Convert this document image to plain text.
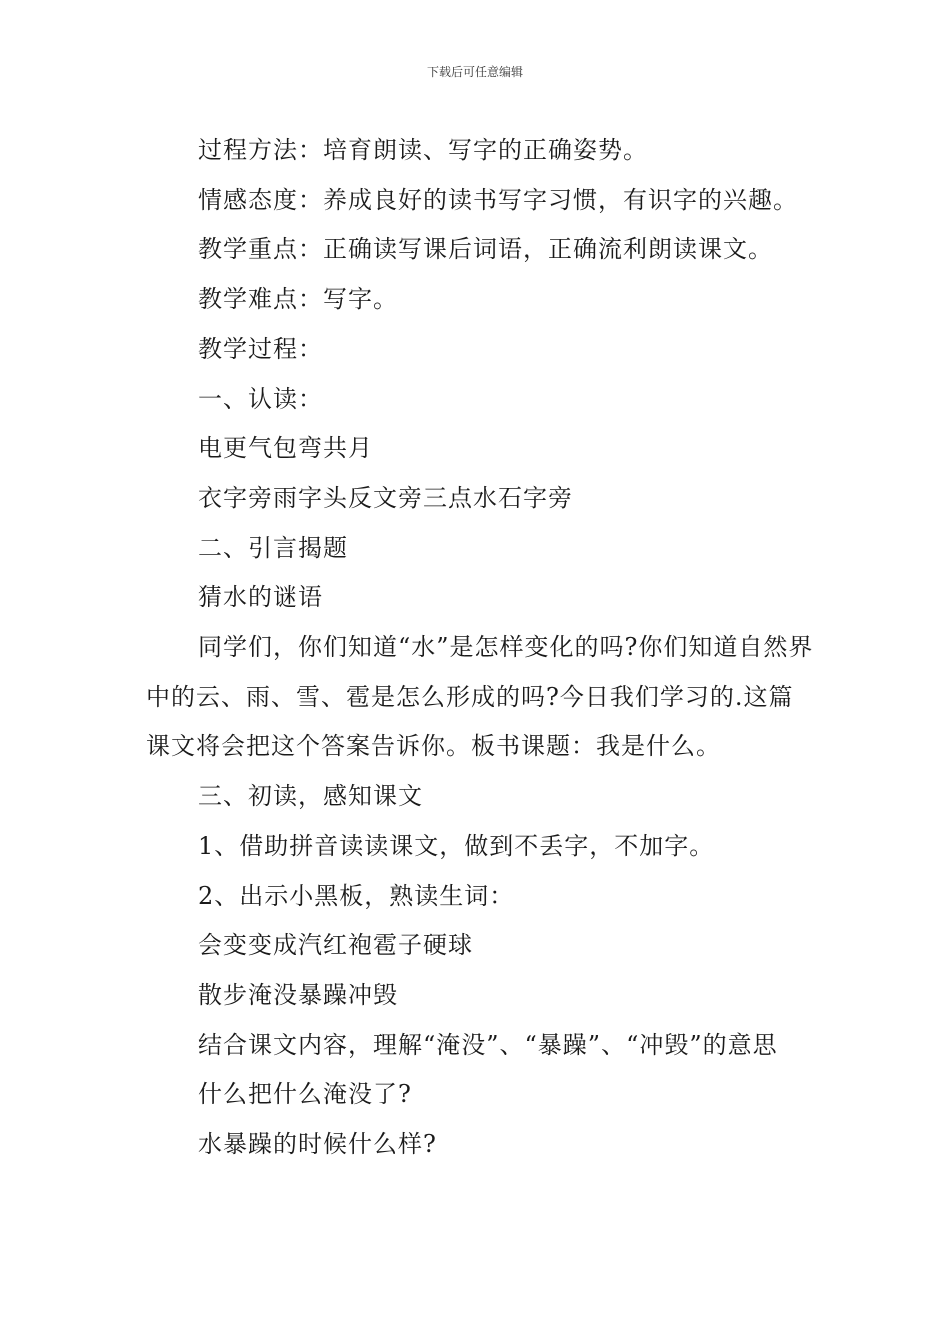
下载后可任意编辑

过程方法：培育朗读、写字的正确姿势。

情感态度：养成良好的读书写字习惯，有识字的兴趣。

教学重点：正确读写课后词语，正确流利朗读课文。

教学难点：写字。

教学过程：

一、认读：

电更气包弯共月

衣字旁雨字头反文旁三点水石字旁

二、引言揭题

猜水的谜语

同学们，你们知道“水”是怎样变化的吗?你们知道自然界中的云、雨、雪、雹是怎么形成的吗?今日我们学习的.这篇课文将会把这个答案告诉你。板书课题：我是什么。

三、初读，感知课文

1、借助拼音读读课文，做到不丢字，不加字。

2、出示小黑板，熟读生词：

会变变成汽红袍雹子硬球

散步淹没暴躁冲毁

结合课文内容，理解“淹没”、“暴躁”、“冲毁”的意思

什么把什么淹没了?

水暴躁的时候什么样?
